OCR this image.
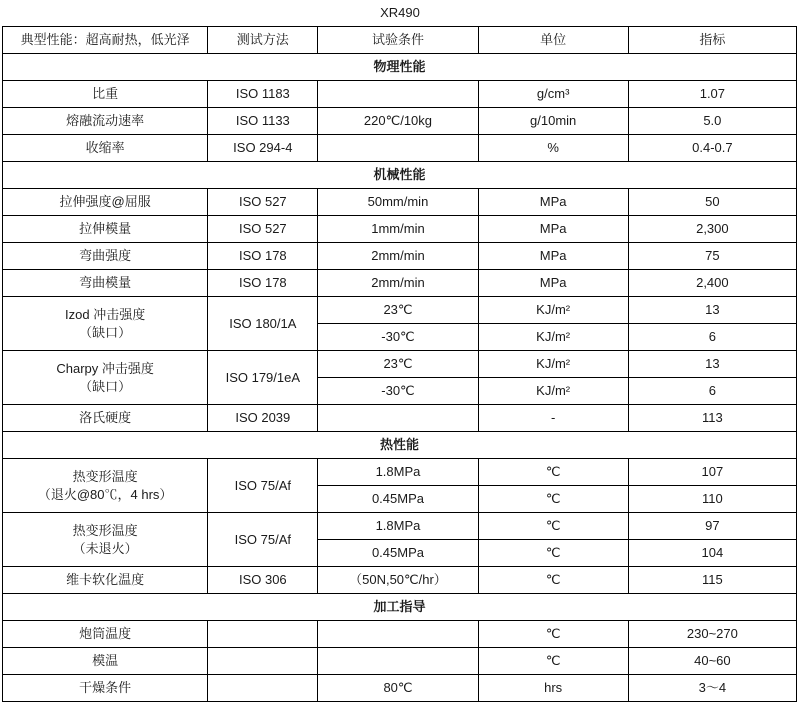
XR490
典型性能：超高耐热，低光泽	测试方法	试验条件	单位	指标
物理性能				
比重	ISO 1183		g/cm³	1.07
熔融流动速率	ISO 1133	220℃/10kg	g/10min	5.0
收缩率	ISO 294-4		%	0.4-0.7
机械性能				
拉伸强度@屈服	ISO 527	50mm/min	MPa	50
拉伸模量	ISO 527	1mm/min	MPa	2,300
弯曲强度	ISO 178	2mm/min	MPa	75
弯曲模量	ISO 178	2mm/min	MPa	2,400

Izod 冲击强度
（缺口）	ISO 180/1A	23℃	KJ/m²	13
		-30℃	KJ/m²	6

Charpy 冲击强度
（缺口）	ISO 179/1eA	23℃	KJ/m²	13
		-30℃	KJ/m²	6
洛氏硬度	ISO 2039		-	113
热性能				

热变形温度
（退火@80℃，4 hrs）	ISO 75/Af	1.8MPa	℃	107
		0.45MPa	℃	110

热变形温度
（未退火）	ISO 75/Af	1.8MPa	℃	97
		0.45MPa	℃	104
维卡软化温度	ISO 306	（50N,50℃/hr）	℃	115
加工指导				
炮筒温度			℃	230~270
模温			℃	40~60
干燥条件		80℃	hrs	3～4
